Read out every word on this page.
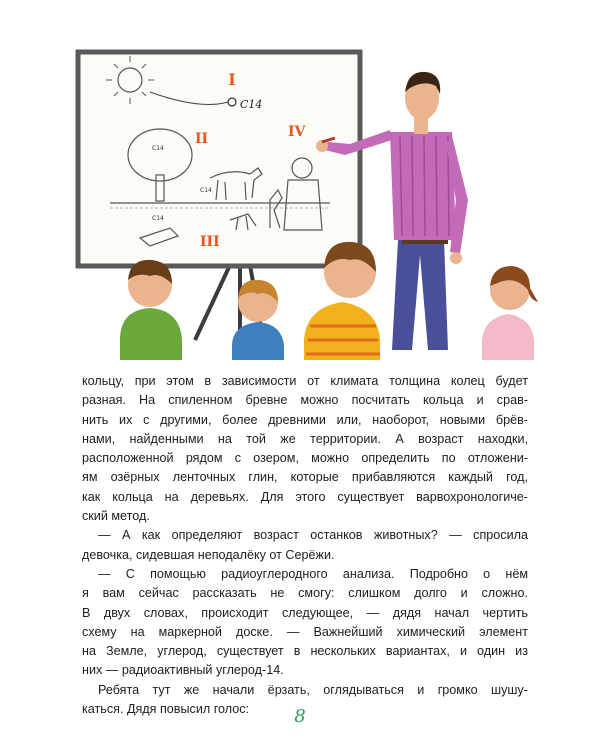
I
C14
C14
II
C14
C14
III
IV

кольцу, при этом в зависимости от климата толщина колец будет
разная. На спиленном бревне можно посчитать кольца и срав-
нить их с другими, более древними или, наоборот, новыми брёв-
нами, найденными на той же территории. А возраст находки,
расположенной рядом с озером, можно определить по отложени-
ям озёрных ленточных глин, которые прибавляются каждый год,
как кольца на деревьях. Для этого существует варвохронологиче-
ский метод.

— А как определяют возраст останков животных? — спросила
девочка, сидевшая неподалёку от Серёжи.

— С помощью радиоуглеродного анализа. Подробно о нём
я вам сейчас рассказать не смогу: слишком долго и сложно.
В двух словах, происходит следующее, — дядя начал чертить
схему на маркерной доске. — Важнейший химический элемент
на Земле, углерод, существует в нескольких вариантах, и один из
них — радиоактивный углерод-14.

Ребята тут же начали ёрзать, оглядываться и громко шушу-
каться. Дядя повысил голос:	8
